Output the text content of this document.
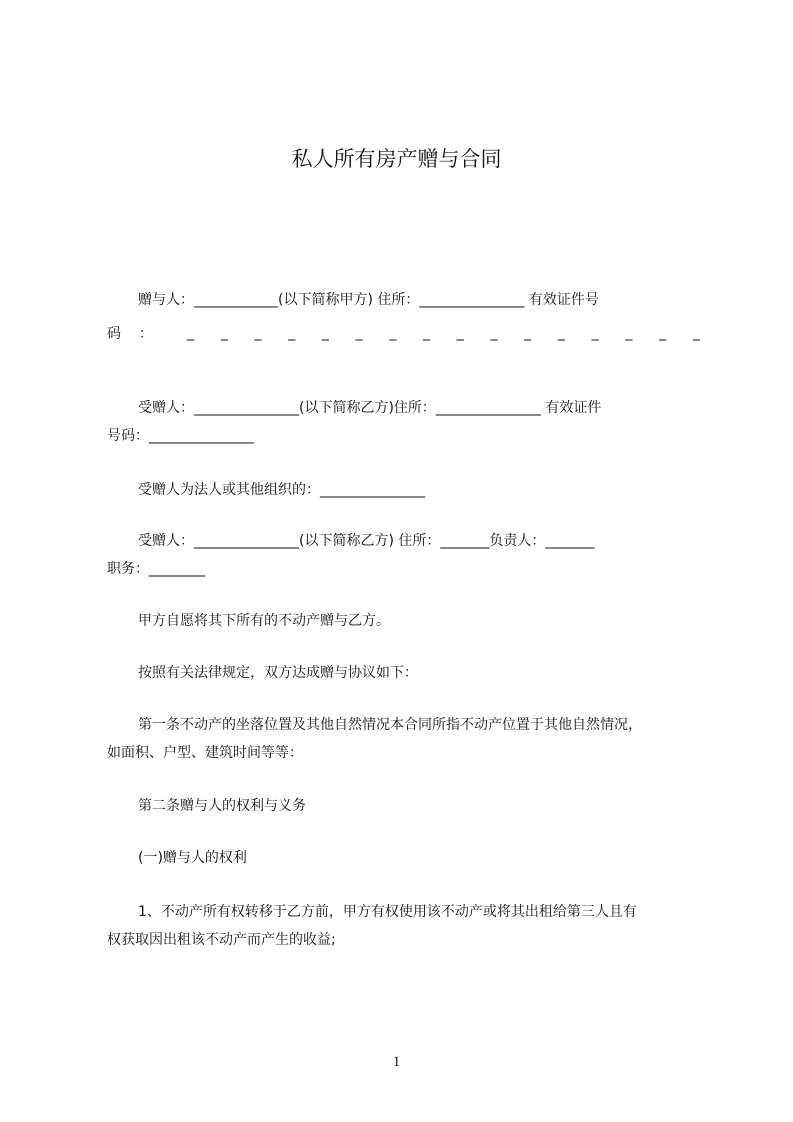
私人所有房产赠与合同
赠与人：____________(以下简称甲方) 住所：_______________ 有效证件号
码 ：	_ _ _ _ _ _ _ _ _ _ _ _ _ _ _ _
受赠人：_______________(以下简称乙方)住所：_______________ 有效证件
号码：_______________
受赠人为法人或其他组织的：_______________
受赠人：_______________(以下简称乙方) 住所：_______负责人：_______
职务：________
甲方自愿将其下所有的不动产赠与乙方。
按照有关法律规定，双方达成赠与协议如下：
第一条不动产的坐落位置及其他自然情况本合同所指不动产位置于其他自然情况，
如面积、户型、建筑时间等等：
第二条赠与人的权利与义务
(一)赠与人的权利
1、不动产所有权转移于乙方前，甲方有权使用该不动产或将其出租给第三人且有
权获取因出租该不动产而产生的收益;
1
